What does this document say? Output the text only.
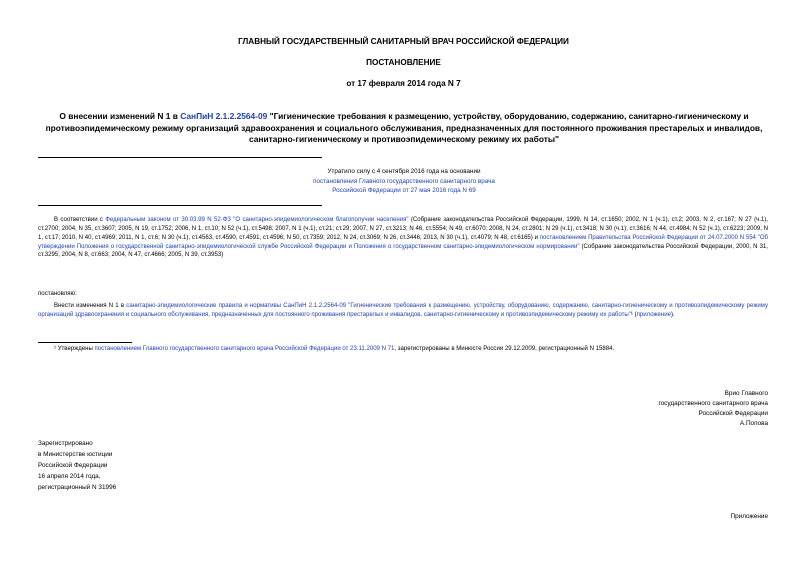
ГЛАВНЫЙ ГОСУДАРСТВЕННЫЙ САНИТАРНЫЙ ВРАЧ РОССИЙСКОЙ ФЕДЕРАЦИИ
ПОСТАНОВЛЕНИЕ
от 17 февраля 2014 года N 7
О внесении изменений N 1 в СанПиН 2.1.2.2564-09 "Гигиенические требования к размещению, устройству, оборудованию, содержанию, санитарно-гигиеническому и противоэпидемическому режиму организаций здравоохранения и социального обслуживания, предназначенных для постоянного проживания престарелых и инвалидов, санитарно-гигиеническому и противоэпидемическому режиму их работы"
Утратило силу с 4 сентября 2016 года на основании
постановления Главного государственного санитарного врача
Российской Федерации от 27 мая 2016 года N 69
В соответствии с Федеральным законом от 30.03.99 N 52-ФЗ "О санитарно-эпидемиологическом благополучии населения" (Собрание законодательства Российской Федерации, 1999, N 14, ст.1650; 2002, N 1 (ч.1), ст.2; 2003, N 2, ст.167; N 27 (ч.1), ст.2700; 2004, N 35, ст.3607; 2005, N 19, ст.1752; 2006, N 1, ст.10; N 52 (ч.1), ст.5498; 2007, N 1 (ч.1), ст.21; ст.29; 2007, N 27, ст.3213; N 46, ст.5554; N 49, ст.6070; 2008, N 24, ст.2801; N 29 (ч.1), ст.3418; N 30 (ч.1); ст.3616; N 44, ст.4984; N 52 (ч.1), ст.6223; 2009, N 1, ст.17; 2010, N 40, ст.4969; 2011, N 1, ст.6; N 30 (ч.1), ст.4563, ст.4590, ст.4591, ст.4596; N 50, ст.7359; 2012, N 24, ст.3069; N 26, ст.3446; 2013, N 30 (ч.1), ст.4079; N 48, ст.6165) и постановлением Правительства Российской Федерации от 24.07.2000 N 554 "Об утверждении Положения о государственной санитарно-эпидемиологической службе Российской Федерации и Положения о государственном санитарно-эпидемиологическом нормировании" (Собрание законодательства Российской Федерации, 2000, N 31, ст.3295; 2004, N 8, ст.663; 2004, N 47, ст.4666; 2005, N 39, ст.3953)
постановляю:
Внести изменения N 1 в санитарно-эпидемиологические правила и нормативы СанПиН 2.1.2.2564-09 "Гигиенические требования к размещению, устройству, оборудованию, содержанию, санитарно-гигиеническому и противоэпидемическому режиму организаций здравоохранения и социального обслуживания, предназначенных для постоянного проживания престарелых и инвалидов, санитарно-гигиеническому и противоэпидемическому режиму их работы"¹ (приложение).
¹ Утверждены постановлением Главного государственного санитарного врача Российской Федерации от 23.11.2009 N 71, зарегистрированы в Минюсте России 29.12.2009, регистрационный N 15884.
Врио Главного
государственного санитарного врача
Российской Федерации
А.Попова
Зарегистрировано
в Министерстве юстиции
Российской Федерации
16 апреля 2014 года,
регистрационный N 31996
Приложение
